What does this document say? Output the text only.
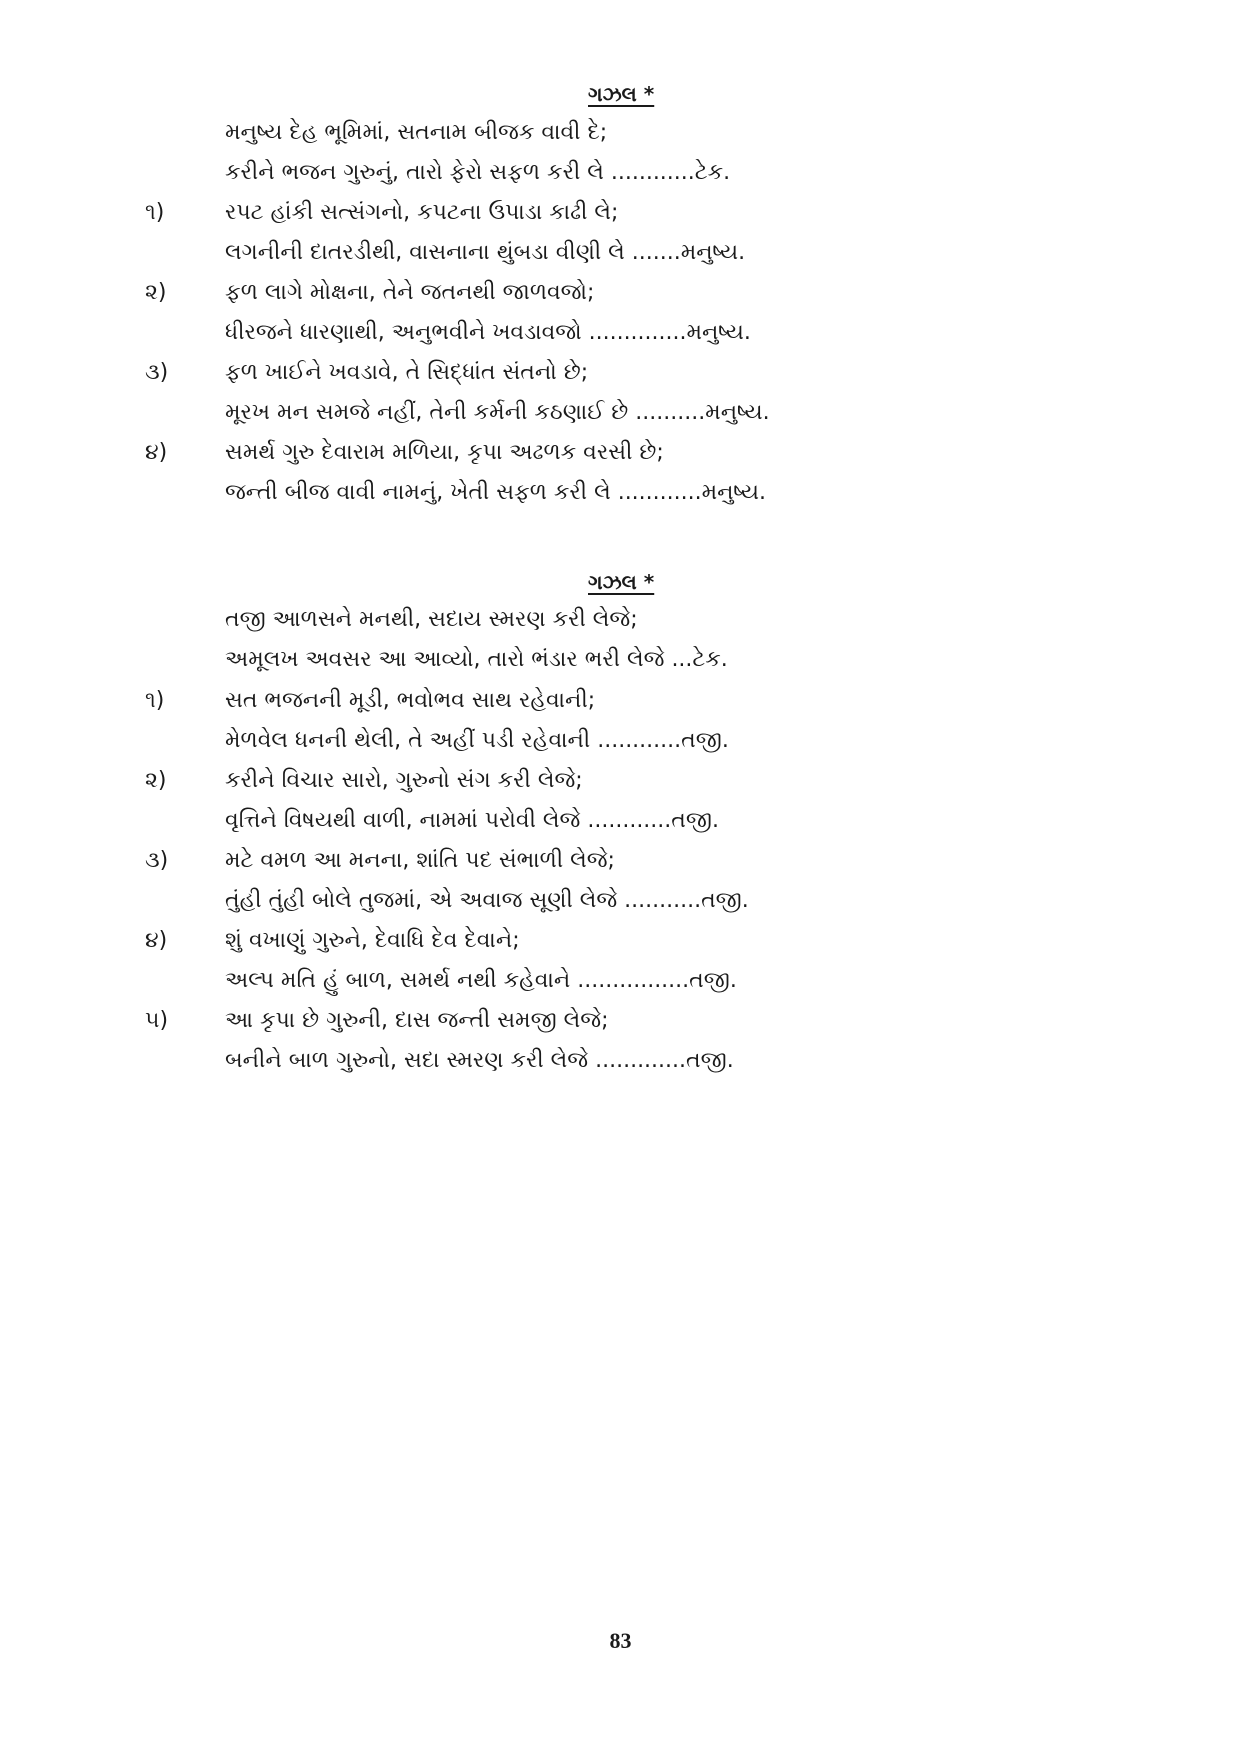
ગઝલ *
મનુષ્ય દેહ ભૂમિમાં, સતનામ બીજક વાવી દે;
કરીને ભજન ગુરુનું, તારો ફેરો સફળ કરી લે ............ટેક.
૧)	રપટ હાંકી સત્સંગનો, કપટના ઉપાડા કાઢી લે;
લગનીની દાતરડીથી, વાસનાના થુંબડા વીણી લે .......મનુષ્ય.
૨)	ફળ લાગે મોક્ષના, તેને જતનથી જાળવજો;
ધીરજને ધારણાથી, અનુભવીને ખવડાવજો ..............મનુષ્ય.
૩)	ફળ ખાઈને ખવડાવે, તે સિદ્ધાંત સંતનો છે;
મૂરખ મન સમજે નહીં, તેની કર્મની કઠણાઈ છે ..........મનુષ્ય.
૪)	સમર્થ ગુરુ દેવારામ મળિયા, કૃપા અઢળક વરસી છે;
જન્તી બીજ વાવી નામનું, ખેતી સફળ કરી લે ............મનુષ્ય.
ગઝલ *
તજી આળસને મનથી, સદાય સ્મરણ કરી લેજે;
અમૂલખ અવસર આ આવ્યો, તારો ભંડાર ભરી લેજે ...ટેક.
૧)	સત ભજનની મૂડી, ભવોભવ સાથ રહેવાની;
મેળવેલ ધનની થેલી, તે અહીં પડી રહેવાની ............તજી.
૨)	કરીને વિચાર સારો, ગુરુનો સંગ કરી લેજે;
વૃત્તિને વિષયથી વાળી, નામમાં પરોવી લેજે ............તજી.
૩)	મટે વમળ આ મનના, શાંતિ પદ સંભાળી લેજે;
તુંહી તુંહી બોલે તુજમાં, એ અવાજ સૂણી લેજે ...........તજી.
૪)	શું વખાણું ગુરુને, દેવાધિ દેવ દેવાને;
અલ્પ મતિ હું બાળ, સમર્થ નથી કહેવાને ................તજી.
૫)	આ કૃપા છે ગુરુની, દાસ જન્તી સમજી લેજે;
બનીને બાળ ગુરુનો, સદા સ્મરણ કરી લેજે .............તજી.
83
